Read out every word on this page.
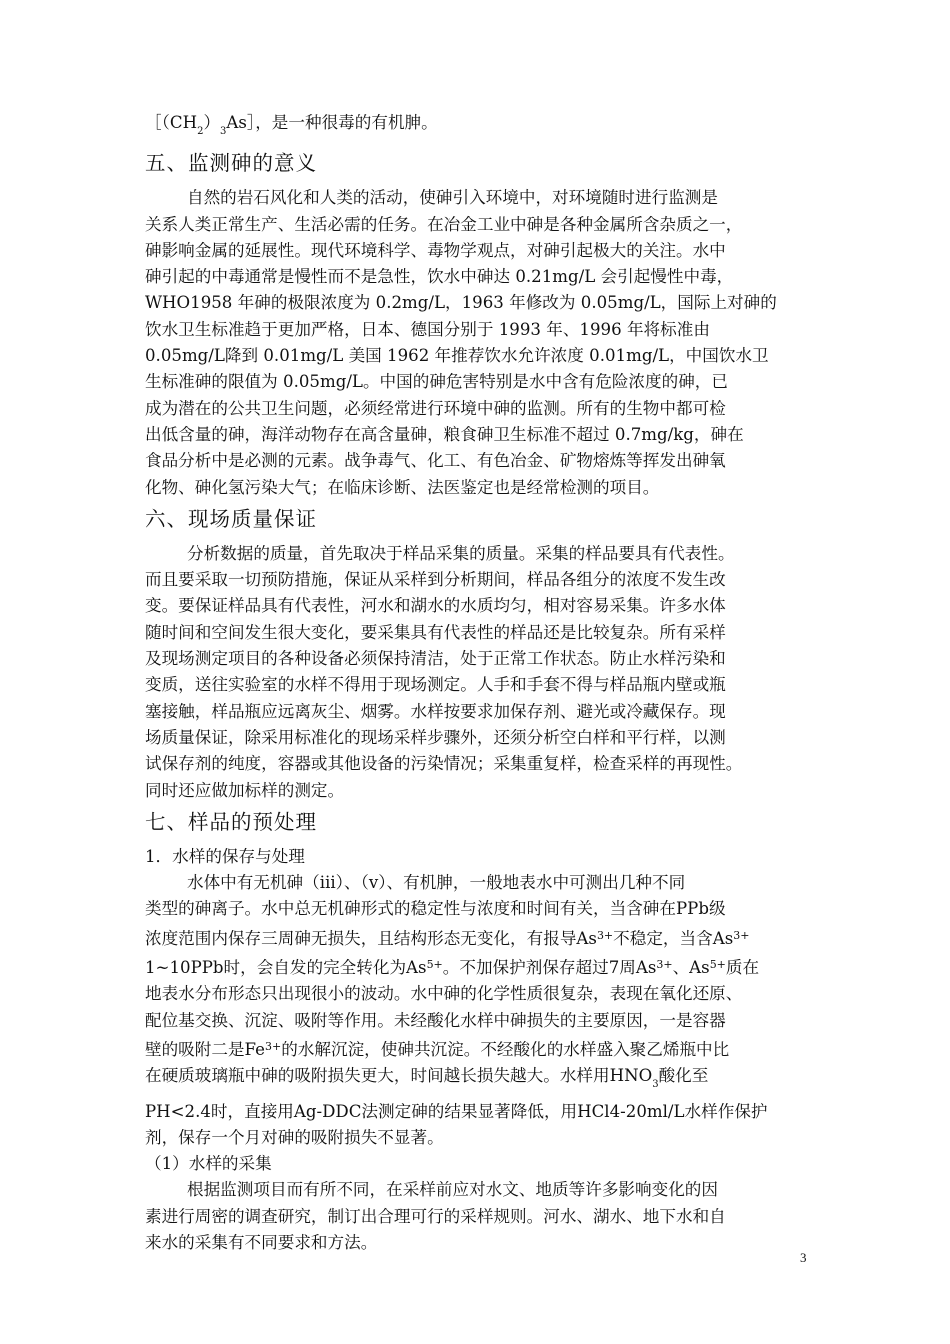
$[(CH_2)_3As]$，是一种很毒的有机胂。

五、监测砷的意义

自然的岩石风化和人类的活动，使砷引入环境中，对环境随时进行监测是
关系人类正常生产、生活必需的任务。在冶金工业中砷是各种金属所含杂质之一，
砷影响金属的延展性。现代环境科学、毒物学观点，对砷引起极大的关注。水中
砷引起的中毒通常是慢性而不是急性，饮水中砷达 0.21mg/L 会引起慢性中毒，
WHO1958 年砷的极限浓度为 0.2mg/L，1963 年修改为 0.05mg/L，国际上对砷的
饮水卫生标准趋于更加严格，日本、德国分别于 1993 年、1996 年将标准由
0.05mg/L降到 0.01mg/L 美国 1962 年推荐饮水允许浓度 0.01mg/L，中国饮水卫
生标准砷的限值为 0.05mg/L。中国的砷危害特别是水中含有危险浓度的砷，已
成为潜在的公共卫生问题，必须经常进行环境中砷的监测。所有的生物中都可检
出低含量的砷，海洋动物存在高含量砷，粮食砷卫生标准不超过 0.7mg/kg，砷在
食品分析中是必测的元素。战争毒气、化工、有色冶金、矿物熔炼等挥发出砷氧
化物、砷化氢污染大气；在临床诊断、法医鉴定也是经常检测的项目。

六、现场质量保证

分析数据的质量，首先取决于样品采集的质量。采集的样品要具有代表性。
而且要采取一切预防措施，保证从采样到分析期间，样品各组分的浓度不发生改
变。要保证样品具有代表性，河水和湖水的水质均匀，相对容易采集。许多水体
随时间和空间发生很大变化，要采集具有代表性的样品还是比较复杂。所有采样
及现场测定项目的各种设备必须保持清洁，处于正常工作状态。防止水样污染和
变质，送往实验室的水样不得用于现场测定。人手和手套不得与样品瓶内壁或瓶
塞接触，样品瓶应远离灰尘、烟雾。水样按要求加保存剂、避光或冷藏保存。现
场质量保证，除采用标准化的现场采样步骤外，还须分析空白样和平行样，以测
试保存剂的纯度，容器或其他设备的污染情况；采集重复样，检查采样的再现性。
同时还应做加标样的测定。

七、样品的预处理

1．水样的保存与处理

水体中有无机砷（ⅲ）、（ⅴ）、有机胂，一般地表水中可测出几种不同
类型的砷离子。水中总无机砷形式的稳定性与浓度和时间有关，当含砷在PPb级
浓度范围内保存三周砷无损失，且结构形态无变化，有报导$As^{3+}$不稳定，当含$As^{3+}$
1~10PPb时，会自发的完全转化为$As^{5+}$。不加保护剂保存超过7周$As^{3+}$、$As^{5+}$质在
地表水分布形态只出现很小的波动。水中砷的化学性质很复杂，表现在氧化还原、
配位基交换、沉淀、吸附等作用。未经酸化水样中砷损失的主要原因，一是容器
壁的吸附二是$Fe^{3+}$的水解沉淀，使砷共沉淀。不经酸化的水样盛入聚乙烯瓶中比
在硬质玻璃瓶中砷的吸附损失更大，时间越长损失越大。水样用$HNO_3$酸化至
PH<2.4时，直接用Ag-DDC法测定砷的结果显著降低，用HCl4-20ml/L水样作保护
剂，保存一个月对砷的吸附损失不显著。

（1）水样的采集

根据监测项目而有所不同，在采样前应对水文、地质等许多影响变化的因
素进行周密的调查研究，制订出合理可行的采样规则。河水、湖水、地下水和自
来水的采集有不同要求和方法。

3
